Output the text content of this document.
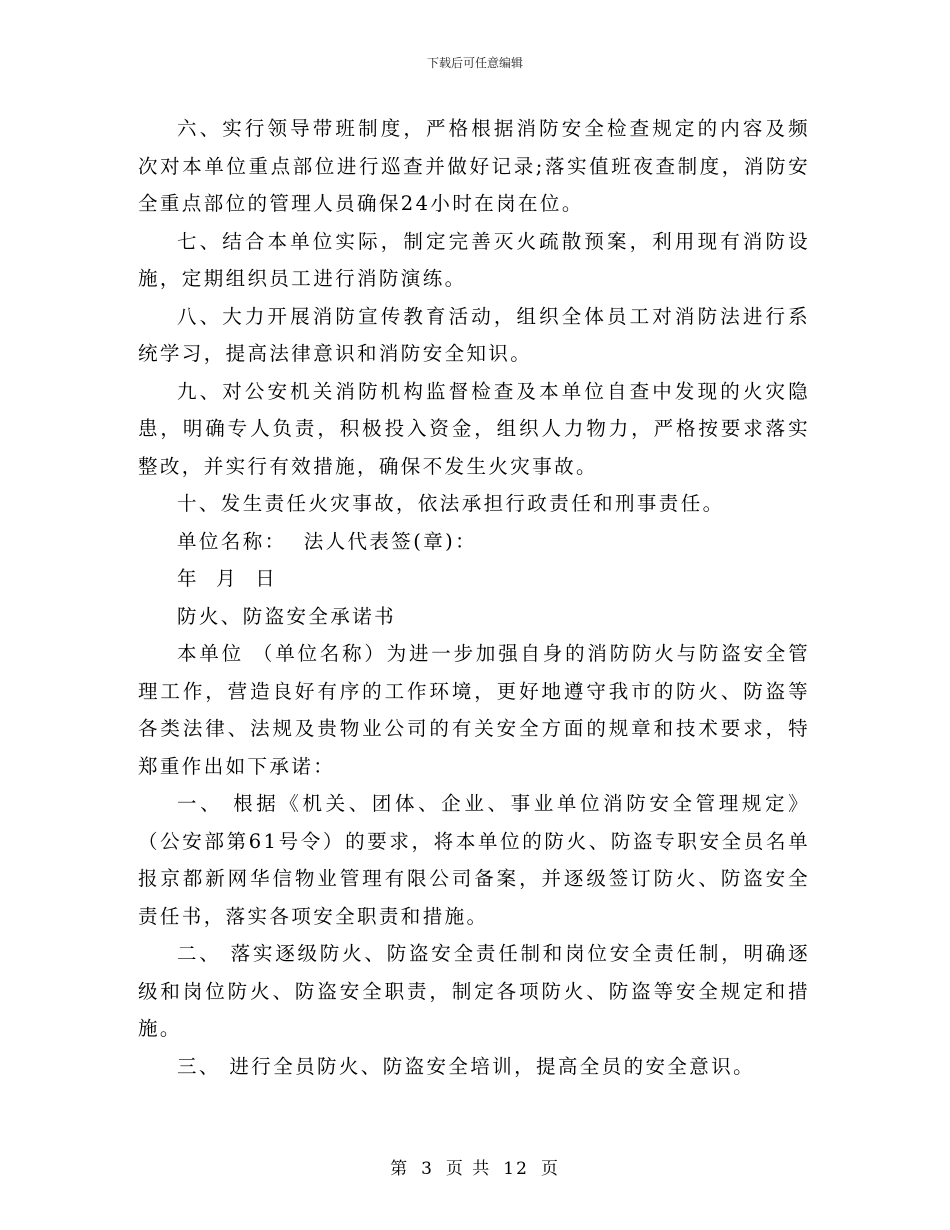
下载后可任意编辑

六、实行领导带班制度，严格根据消防安全检查规定的内容及频次对本单位重点部位进行巡查并做好记录;落实值班夜查制度，消防安全重点部位的管理人员确保24小时在岗在位。

七、结合本单位实际，制定完善灭火疏散预案，利用现有消防设施，定期组织员工进行消防演练。

八、大力开展消防宣传教育活动，组织全体员工对消防法进行系统学习，提高法律意识和消防安全知识。

九、对公安机关消防机构监督检查及本单位自查中发现的火灾隐患，明确专人负责，积极投入资金，组织人力物力，严格按要求落实整改，并实行有效措施，确保不发生火灾事故。

十、发生责任火灾事故，依法承担行政责任和刑事责任。

单位名称：  法人代表签(章)：

年  月  日

防火、防盗安全承诺书

本单位 （单位名称）为进一步加强自身的消防防火与防盗安全管理工作，营造良好有序的工作环境，更好地遵守我市的防火、防盗等各类法律、法规及贵物业公司的有关安全方面的规章和技术要求，特郑重作出如下承诺：

一、 根据《机关、团体、企业、事业单位消防安全管理规定》（公安部第61号令）的要求，将本单位的防火、防盗专职安全员名单报京都新网华信物业管理有限公司备案，并逐级签订防火、防盗安全责任书，落实各项安全职责和措施。

二、 落实逐级防火、防盗安全责任制和岗位安全责任制，明确逐级和岗位防火、防盗安全职责，制定各项防火、防盗等安全规定和措施。

三、 进行全员防火、防盗安全培训，提高全员的安全意识。

第 3 页 共 12 页
